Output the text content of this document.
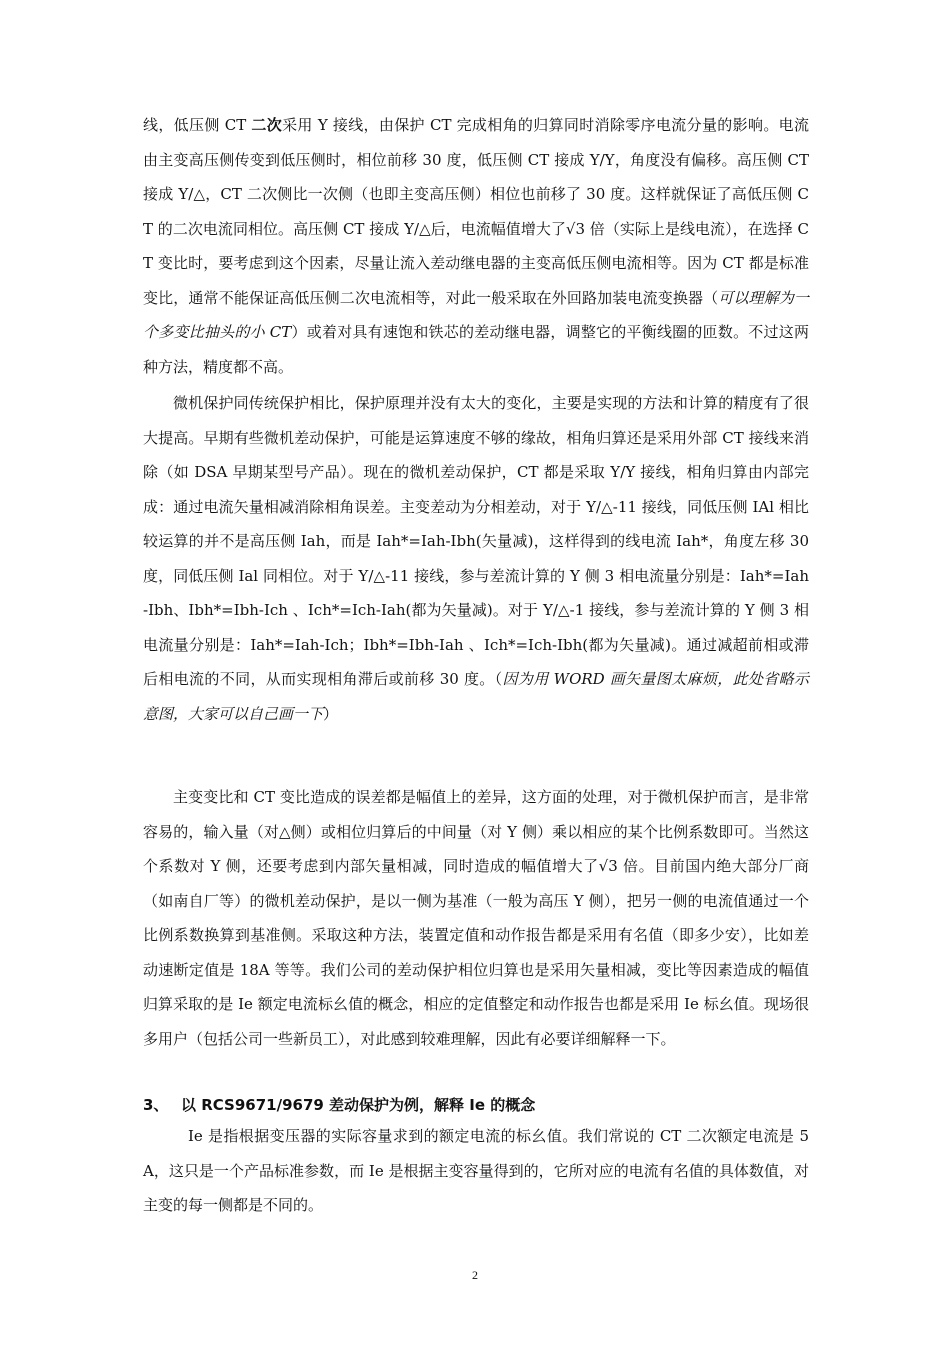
线，低压侧 CT 二次采用 Y 接线，由保护 CT 完成相角的归算同时消除零序电流分量的影响。电流由主变高压侧传变到低压侧时，相位前移 30 度，低压侧 CT 接成 Y/Y，角度没有偏移。高压侧 CT 接成 Y/△，CT 二次侧比一次侧（也即主变高压侧）相位也前移了 30 度。这样就保证了高低压侧 CT 的二次电流同相位。高压侧 CT 接成 Y/△后，电流幅值增大了√3 倍（实际上是线电流），在选择 CT 变比时，要考虑到这个因素，尽量让流入差动继电器的主变高低压侧电流相等。因为 CT 都是标准变比，通常不能保证高低压侧二次电流相等，对此一般采取在外回路加装电流变换器（可以理解为一个多变比抽头的小 CT）或着对具有速饱和铁芯的差动继电器，调整它的平衡线圈的匝数。不过这两种方法，精度都不高。

微机保护同传统保护相比，保护原理并没有太大的变化，主要是实现的方法和计算的精度有了很大提高。早期有些微机差动保护，可能是运算速度不够的缘故，相角归算还是采用外部 CT 接线来消除（如 DSA 早期某型号产品）。现在的微机差动保护，CT 都是采取 Y/Y 接线，相角归算由内部完成：通过电流矢量相减消除相角误差。主变差动为分相差动，对于 Y/△-11 接线，同低压侧 IAl 相比较运算的并不是高压侧 Iah，而是 Iah*=Iah-Ibh(矢量减)，这样得到的线电流 Iah*，角度左移 30 度，同低压侧 Ial 同相位。对于 Y/△-11 接线，参与差流计算的 Y 侧 3 相电流量分别是：Iah*=Iah-Ibh、Ibh*=Ibh-Ich 、Ich*=Ich-Iah(都为矢量减)。对于 Y/△-1 接线，参与差流计算的 Y 侧 3 相电流量分别是：Iah*=Iah-Ich；Ibh*=Ibh-Iah 、Ich*=Ich-Ibh(都为矢量减)。通过减超前相或滞后相电流的不同，从而实现相角滞后或前移 30 度。（因为用 WORD 画矢量图太麻烦，此处省略示意图，大家可以自己画一下）

主变变比和 CT 变比造成的误差都是幅值上的差异，这方面的处理，对于微机保护而言，是非常容易的，输入量（对△侧）或相位归算后的中间量（对 Y 侧）乘以相应的某个比例系数即可。当然这个系数对 Y 侧，还要考虑到内部矢量相减，同时造成的幅值增大了√3 倍。目前国内绝大部分厂商（如南自厂等）的微机差动保护，是以一侧为基准（一般为高压 Y 侧），把另一侧的电流值通过一个比例系数换算到基准侧。采取这种方法，装置定值和动作报告都是采用有名值（即多少安），比如差动速断定值是 18A 等等。我们公司的差动保护相位归算也是采用矢量相减，变比等因素造成的幅值归算采取的是 Ie 额定电流标幺值的概念，相应的定值整定和动作报告也都是采用 Ie 标幺值。现场很多用户（包括公司一些新员工），对此感到较难理解，因此有必要详细解释一下。

3、 以 RCS9671/9679 差动保护为例，解释 Ie 的概念

Ie 是指根据变压器的实际容量求到的额定电流的标幺值。我们常说的 CT 二次额定电流是 5A，这只是一个产品标准参数，而 Ie 是根据主变容量得到的，它所对应的电流有名值的具体数值，对主变的每一侧都是不同的。

2
